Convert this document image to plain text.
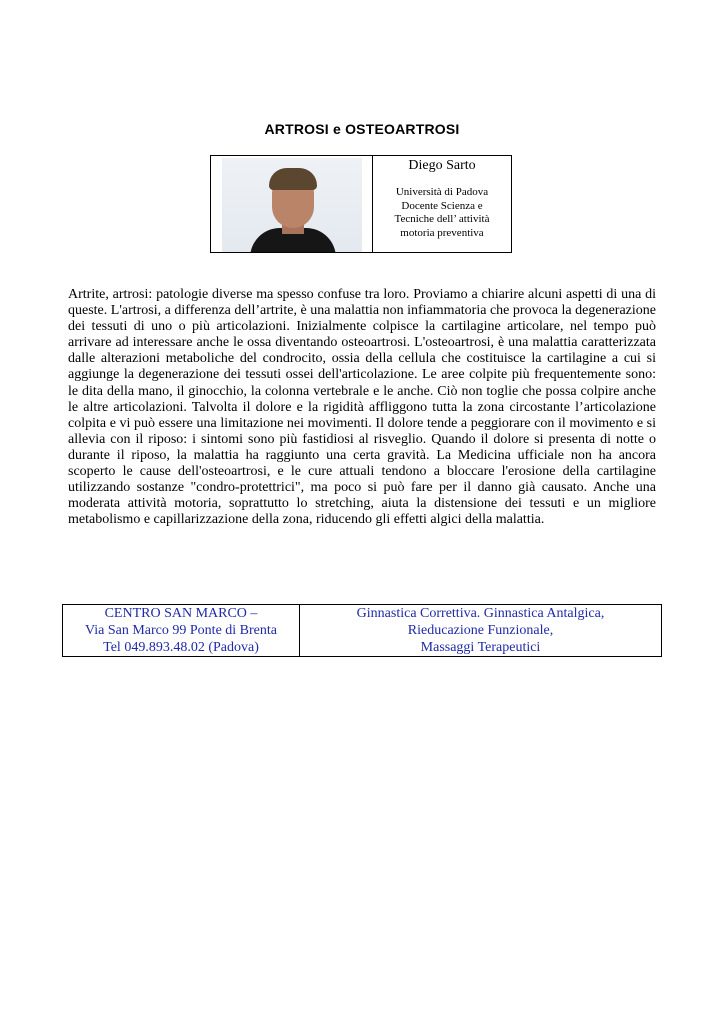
ARTROSI e OSTEOARTROSI
Diego Sarto
Università di Padova
Docente Scienza e
Tecniche dell’ attività
motoria preventiva
Artrite, artrosi: patologie diverse ma spesso confuse tra loro. Proviamo a chiarire alcuni aspetti di una di queste. L'artrosi, a differenza dell’artrite, è una malattia non infiammatoria che provoca la degenerazione dei tessuti di uno o più articolazioni. Inizialmente colpisce la cartilagine articolare, nel tempo può arrivare ad interessare anche le ossa diventando osteoartrosi. L'osteoartrosi, è una malattia caratterizzata dalle alterazioni metaboliche del condrocito, ossia della cellula che costituisce la cartilagine a cui si aggiunge la degenerazione dei tessuti ossei dell'articolazione. Le aree colpite più frequentemente sono: le dita della mano, il ginocchio, la colonna vertebrale e le anche. Ciò non toglie che possa colpire anche le altre articolazioni. Talvolta il dolore e la rigidità affliggono tutta la zona circostante l’articolazione colpita e vi può essere una limitazione nei movimenti. Il dolore tende a peggiorare con il movimento e si allevia con il riposo: i sintomi sono più fastidiosi al risveglio. Quando il dolore si presenta di notte o durante il riposo, la malattia ha raggiunto una certa gravità. La Medicina ufficiale non ha ancora scoperto le cause dell'osteoartrosi, e le cure attuali tendono a bloccare l'erosione della cartilagine utilizzando sostanze "condro-protettrici", ma poco si può fare per il danno già causato. Anche una moderata attività motoria, soprattutto lo stretching, aiuta la distensione dei tessuti e un migliore metabolismo e capillarizzazione della zona, riducendo gli effetti algici della malattia.
CENTRO SAN MARCO –
Via San Marco 99 Ponte di Brenta
Tel 049.893.48.02 (Padova)
Ginnastica Correttiva. Ginnastica Antalgica,
Rieducazione Funzionale,
Massaggi Terapeutici
